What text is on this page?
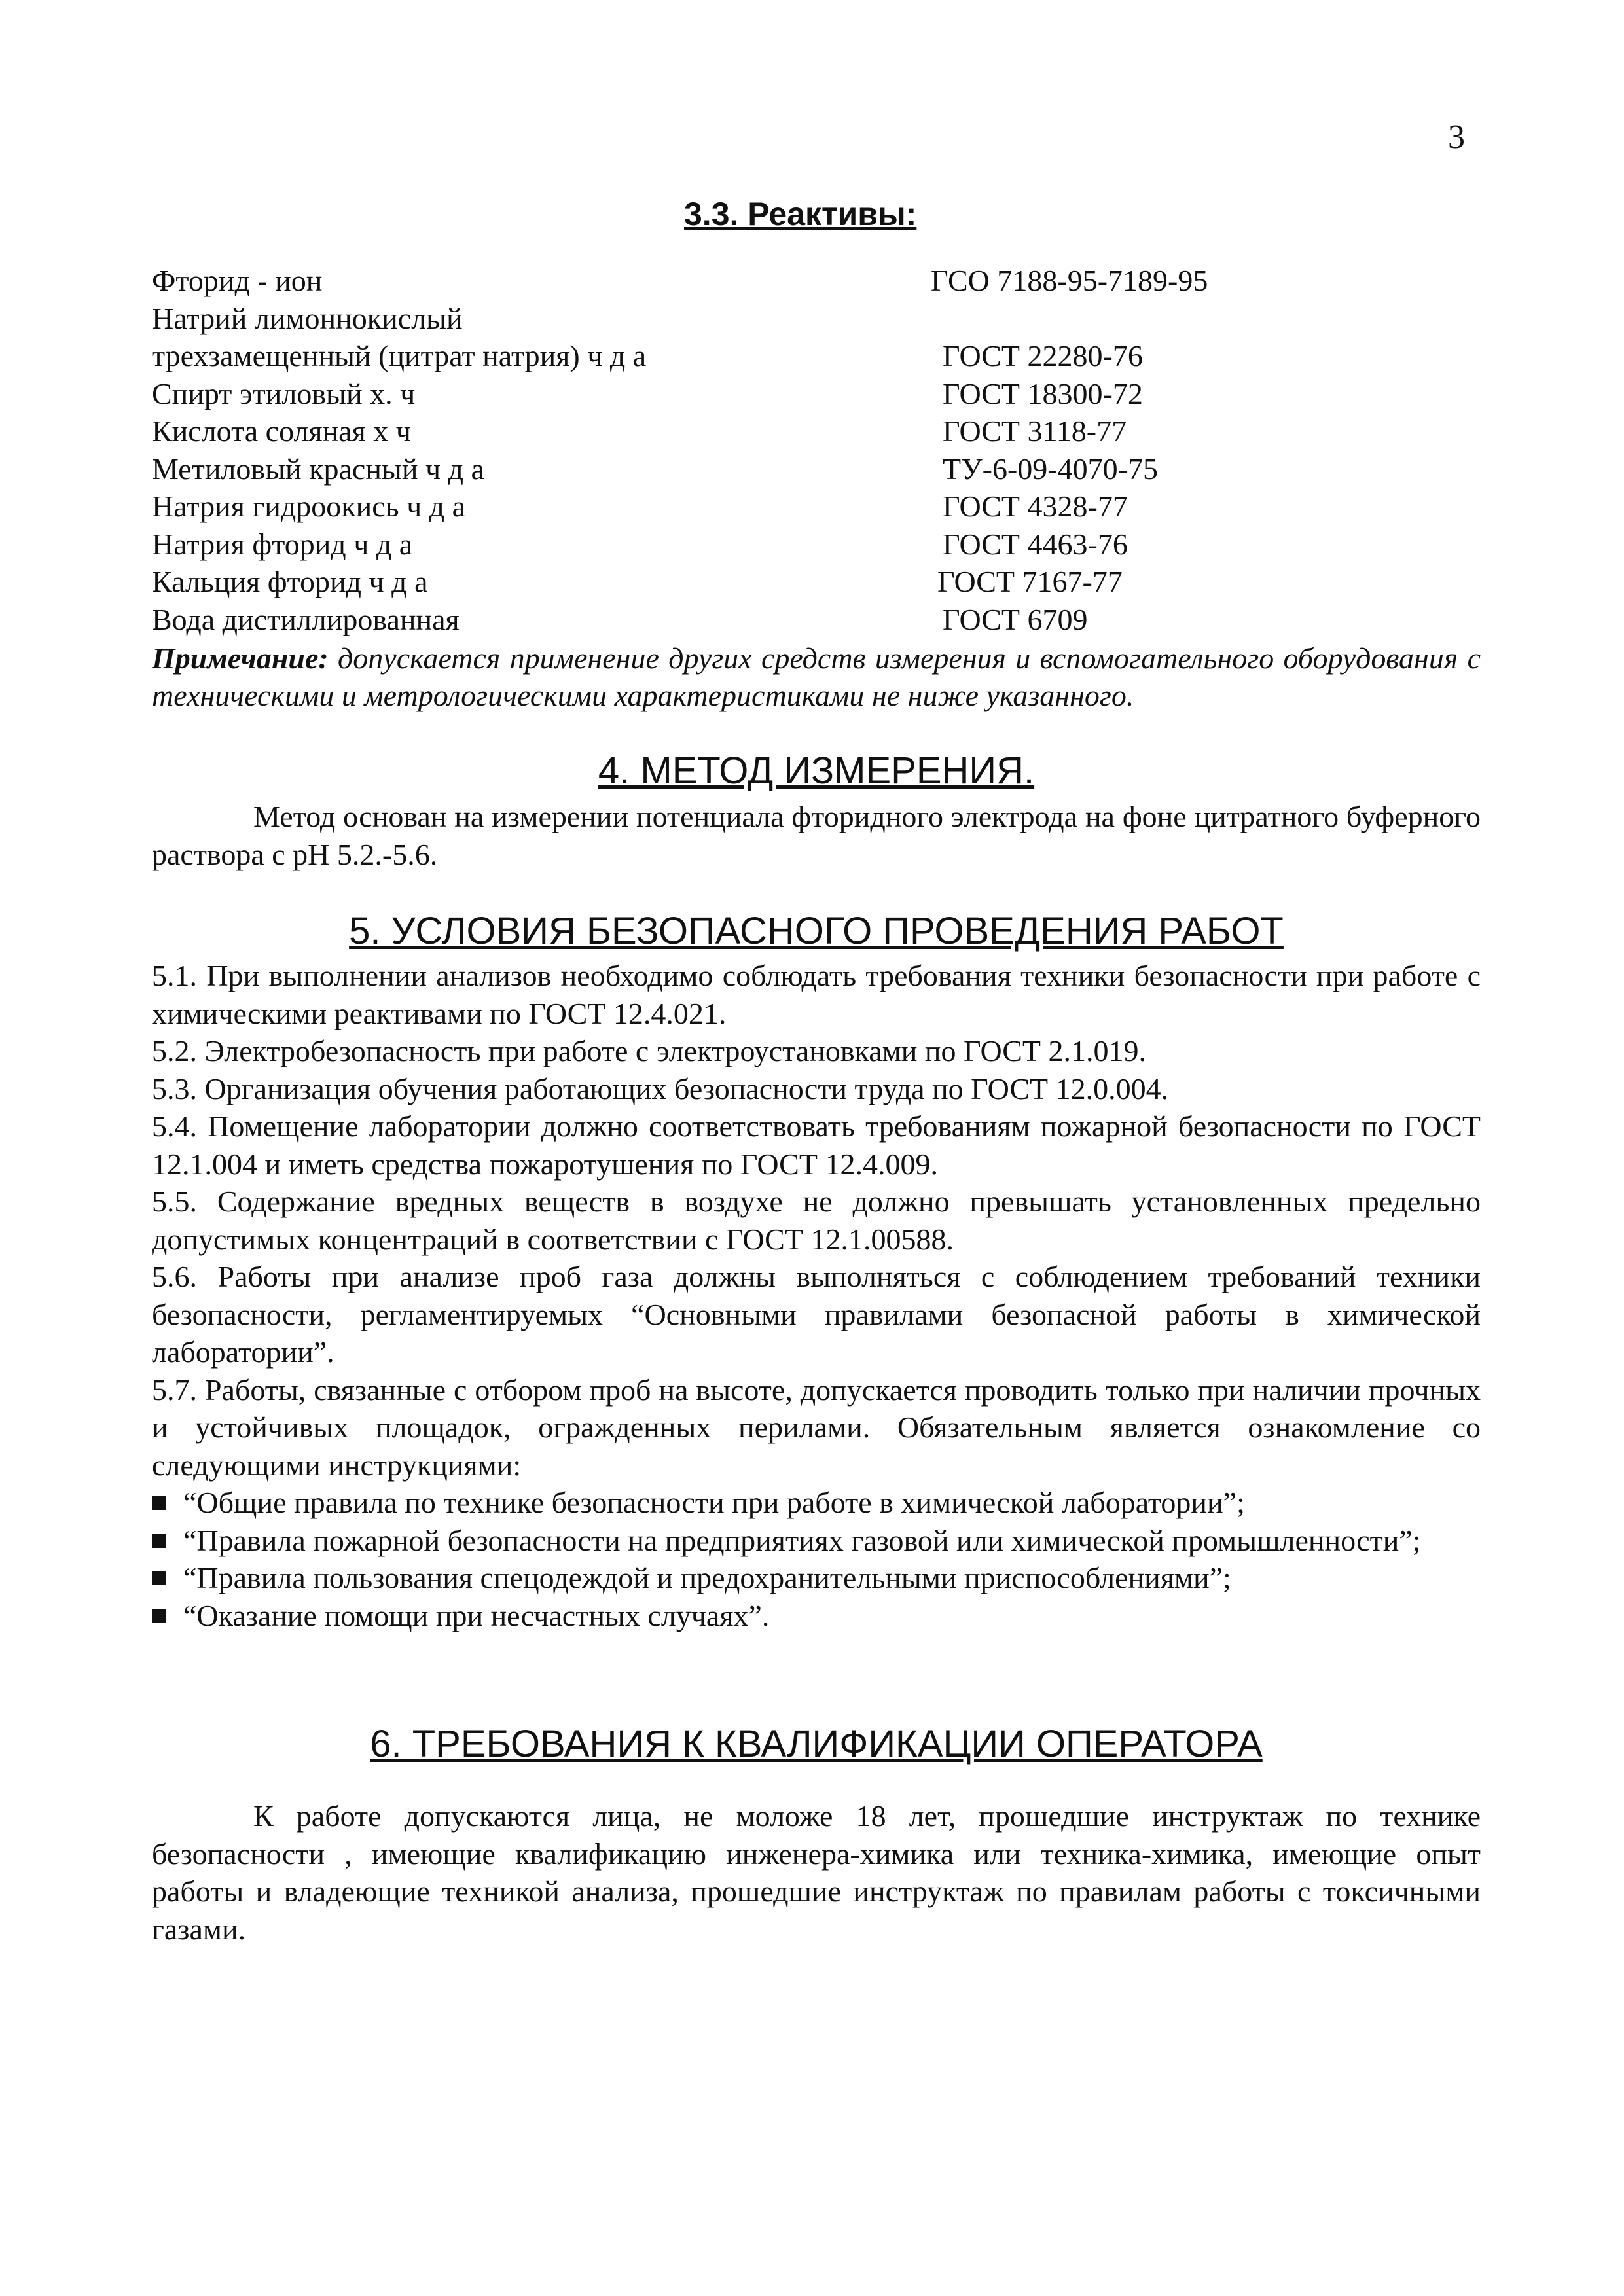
3
3.3. Реактивы:
Фторид - ион	ГСО 7188-95-7189-95
Натрий лимоннокислый
трехзамещенный (цитрат натрия) ч д а	ГОСТ 22280-76
Спирт этиловый х. ч	ГОСТ 18300-72
Кислота соляная х ч	ГОСТ 3118-77
Метиловый красный ч д а	ТУ-6-09-4070-75
Натрия гидроокись ч д а	ГОСТ 4328-77
Натрия фторид ч д а	ГОСТ 4463-76
Кальция фторид ч д а	ГОСТ 7167-77
Вода дистиллированная	ГОСТ 6709
Примечание: допускается применение других средств измерения и вспомогательного оборудования с техническими и метрологическими характеристиками не ниже указанного.
4. МЕТОД ИЗМЕРЕНИЯ.
Метод основан на измерении потенциала фторидного электрода на фоне цитратного буферного раствора с pH 5.2.-5.6.
5. УСЛОВИЯ БЕЗОПАСНОГО ПРОВЕДЕНИЯ РАБОТ
5.1. При выполнении анализов необходимо соблюдать требования техники безопасности при работе с химическими реактивами по ГОСТ 12.4.021.
5.2. Электробезопасность при работе с электроустановками по ГОСТ 2.1.019.
5.3. Организация обучения работающих безопасности труда по ГОСТ 12.0.004.
5.4. Помещение лаборатории должно соответствовать требованиям пожарной безопасности по ГОСТ 12.1.004 и иметь средства пожаротушения по ГОСТ 12.4.009.
5.5. Содержание вредных веществ в воздухе не должно превышать установленных предельно допустимых концентраций в соответствии с ГОСТ 12.1.00588.
5.6. Работы при анализе проб газа должны выполняться с соблюдением требований техники безопасности, регламентируемых “Основными правилами безопасной работы в химической лаборатории”.
5.7. Работы, связанные с отбором проб на высоте, допускается проводить только при наличии прочных и устойчивых площадок, огражденных перилами. Обязательным является ознакомление со следующими инструкциями:
“Общие правила по технике безопасности при работе в химической лаборатории”;
“Правила пожарной безопасности на предприятиях газовой или химической промышленности”;
“Правила пользования спецодеждой и предохранительными приспособлениями”;
“Оказание помощи при несчастных случаях”.
6. ТРЕБОВАНИЯ К КВАЛИФИКАЦИИ ОПЕРАТОРА
К работе допускаются лица, не моложе 18 лет, прошедшие инструктаж по технике безопасности , имеющие квалификацию инженера-химика или техника-химика, имеющие опыт работы и владеющие техникой анализа, прошедшие инструктаж по правилам работы с токсичными газами.
